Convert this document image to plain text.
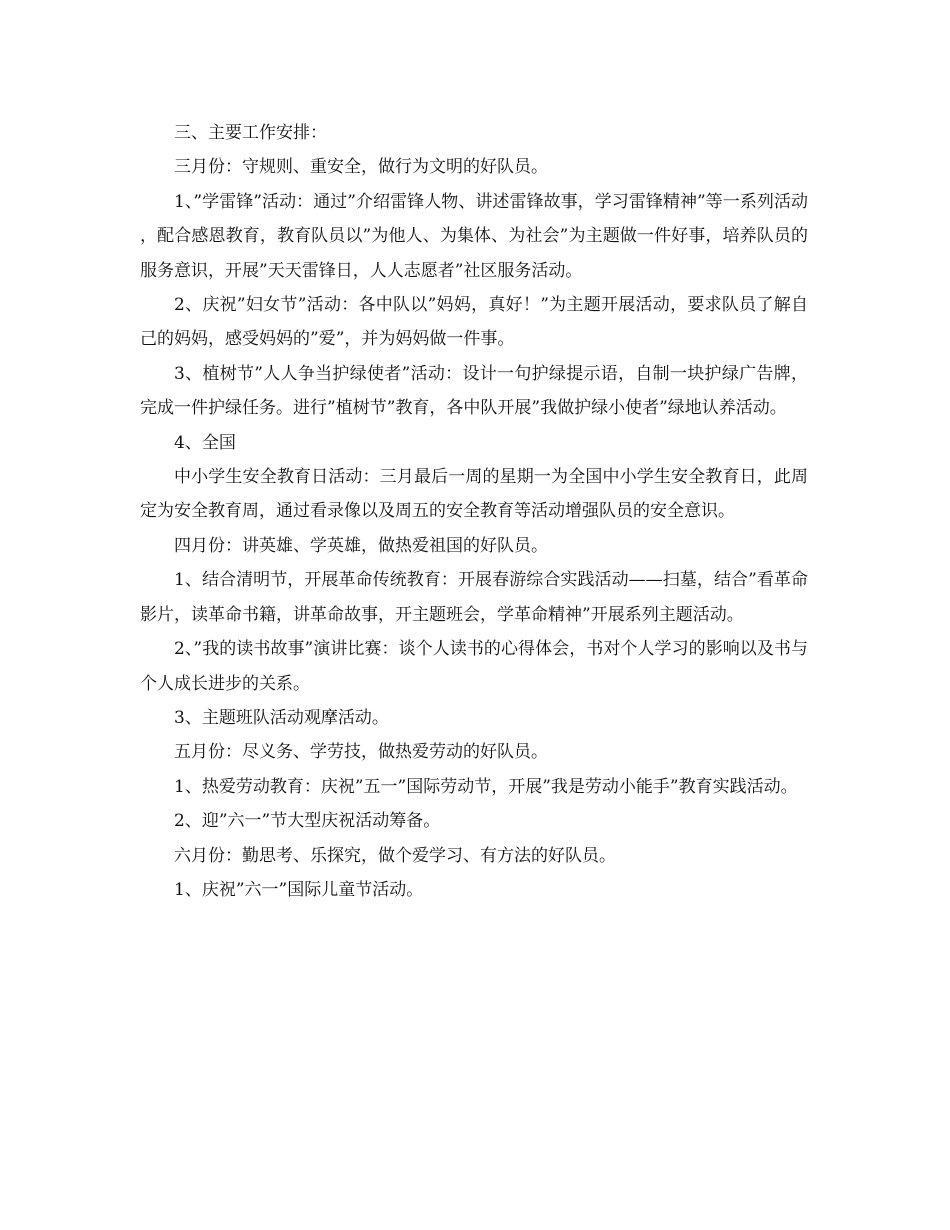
三、主要工作安排：

三月份：守规则、重安全，做行为文明的好队员。

1、”学雷锋”活动：通过”介绍雷锋人物、讲述雷锋故事，学习雷锋精神”等一系列活动，配合感恩教育，教育队员以”为他人、为集体、为社会”为主题做一件好事，培养队员的服务意识，开展”天天雷锋日，人人志愿者”社区服务活动。

2、庆祝”妇女节”活动：各中队以”妈妈，真好！”为主题开展活动，要求队员了解自己的妈妈，感受妈妈的”爱”，并为妈妈做一件事。

3、植树节”人人争当护绿使者”活动：设计一句护绿提示语，自制一块护绿广告牌，完成一件护绿任务。进行”植树节”教育，各中队开展”我做护绿小使者”绿地认养活动。

4、全国

中小学生安全教育日活动：三月最后一周的星期一为全国中小学生安全教育日，此周定为安全教育周，通过看录像以及周五的安全教育等活动增强队员的安全意识。

四月份：讲英雄、学英雄，做热爱祖国的好队员。

1、结合清明节，开展革命传统教育：开展春游综合实践活动——扫墓，结合”看革命影片，读革命书籍，讲革命故事，开主题班会，学革命精神”开展系列主题活动。

2、”我的读书故事”演讲比赛：谈个人读书的心得体会，书对个人学习的影响以及书与个人成长进步的关系。

3、主题班队活动观摩活动。

五月份：尽义务、学劳技，做热爱劳动的好队员。

1、热爱劳动教育：庆祝”五一”国际劳动节，开展”我是劳动小能手”教育实践活动。

2、迎”六一”节大型庆祝活动筹备。

六月份：勤思考、乐探究，做个爱学习、有方法的好队员。

1、庆祝”六一”国际儿童节活动。
